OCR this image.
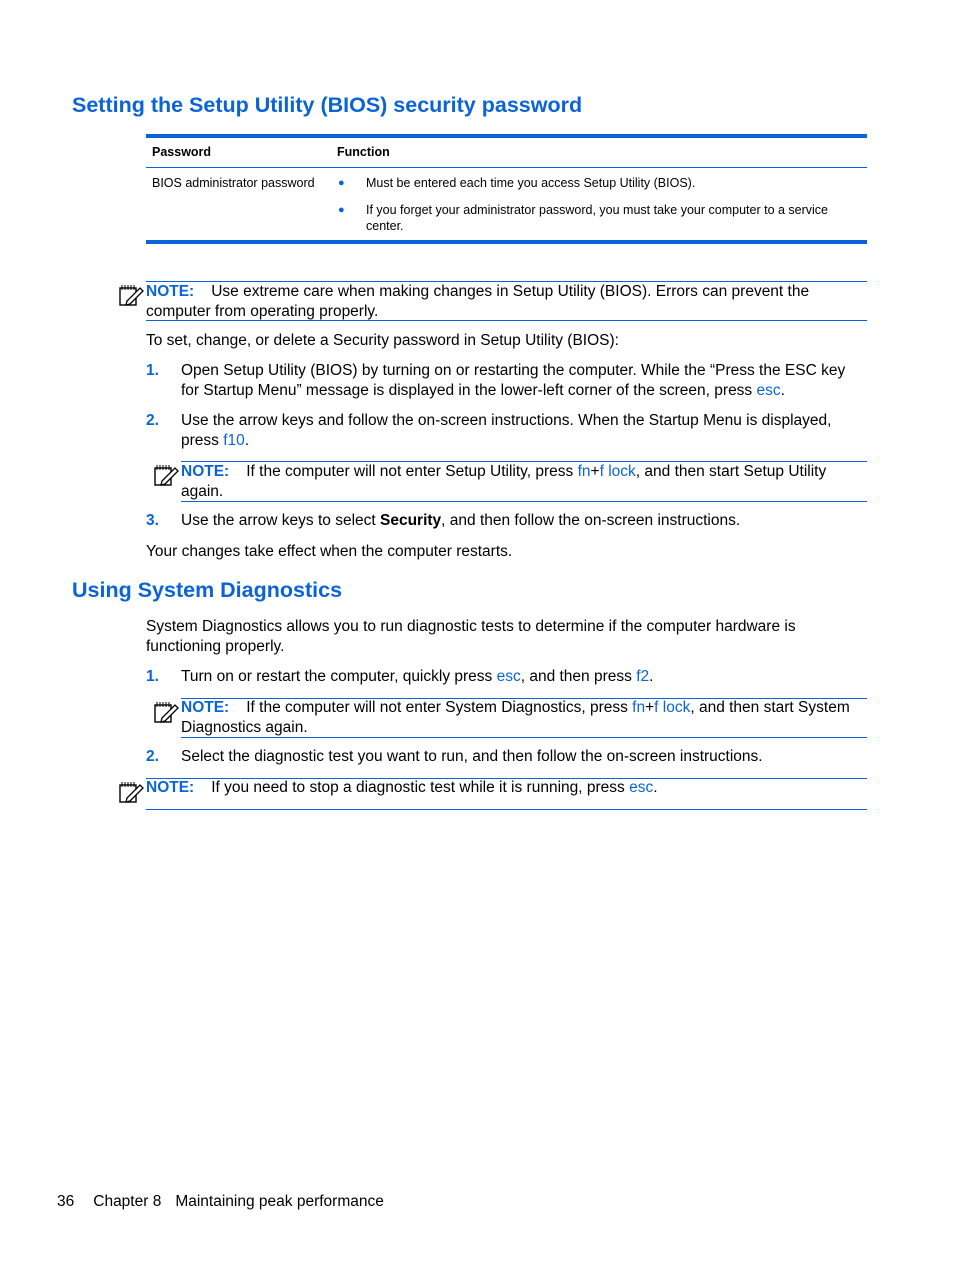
Setting the Setup Utility (BIOS) security password
Password	Function
BIOS administrator password ● Must be entered each time you access Setup Utility (BIOS).
● If you forget your administrator password, you must take your computer to a service center.
NOTE: Use extreme care when making changes in Setup Utility (BIOS). Errors can prevent the computer from operating properly.
To set, change, or delete a Security password in Setup Utility (BIOS):
1. Open Setup Utility (BIOS) by turning on or restarting the computer. While the “Press the ESC key for Startup Menu” message is displayed in the lower-left corner of the screen, press esc.
2. Use the arrow keys and follow the on-screen instructions. When the Startup Menu is displayed, press f10.
NOTE: If the computer will not enter Setup Utility, press fn+f lock, and then start Setup Utility again.
3. Use the arrow keys to select Security, and then follow the on-screen instructions.
Your changes take effect when the computer restarts.
Using System Diagnostics
System Diagnostics allows you to run diagnostic tests to determine if the computer hardware is functioning properly.
1. Turn on or restart the computer, quickly press esc, and then press f2.
NOTE: If the computer will not enter System Diagnostics, press fn+f lock, and then start System Diagnostics again.
2. Select the diagnostic test you want to run, and then follow the on-screen instructions.
NOTE: If you need to stop a diagnostic test while it is running, press esc.
36 Chapter 8 Maintaining peak performance
